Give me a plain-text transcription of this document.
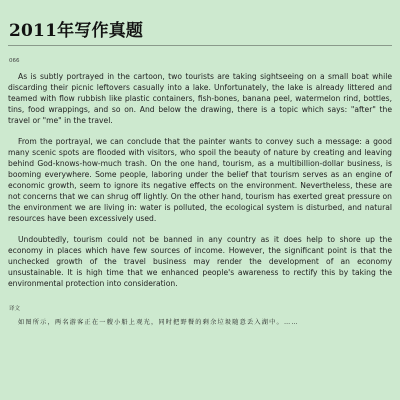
2011年写作真题
066

As is subtly portrayed in the cartoon, two tourists are taking sightseeing on a small boat while discarding their picnic leftovers casually into a lake. Unfortunately, the lake is already littered and teamed with flow rubbish like plastic containers, fish-bones, banana peel, watermelon rind, bottles, tins, food wrappings, and so on. And below the drawing, there is a topic which says: "after" the travel or "me" in the travel.

From the portrayal, we can conclude that the painter wants to convey such a message: a good many scenic spots are flooded with visitors, who spoil the beauty of nature by creating and leaving behind God-knows-how-much trash. On the one hand, tourism, as a multibillion-dollar business, is booming everywhere. Some people, laboring under the belief that tourism serves as an engine of economic growth, seem to ignore its negative effects on the environment. Nevertheless, these are not concerns that we can shrug off lightly. On the other hand, tourism has exerted great pressure on the environment we are living in: water is polluted, the ecological system is disturbed, and natural resources have been excessively used.

Undoubtedly, tourism could not be banned in any country as it does help to shore up the economy in places which have few sources of income. However, the significant point is that the unchecked growth of the travel business may render the development of an economy unsustainable. It is high time that we enhanced people's awareness to rectify this by taking the environmental protection into consideration.

译文

如图所示，两名游客正在一艘小船上观光，同时把野餐的剩余垃圾随意丢入湖中。……
